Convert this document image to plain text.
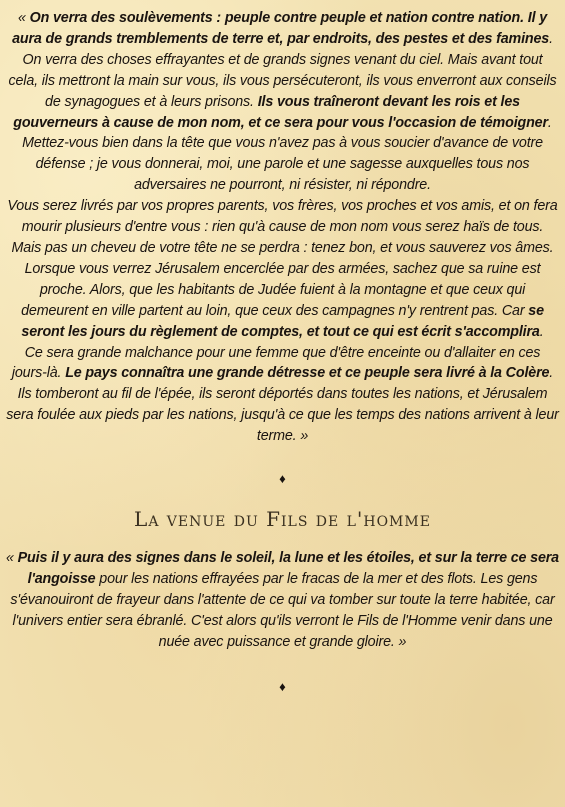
« On verra des soulèvements : peuple contre peuple et nation contre nation. Il y aura de grands tremblements de terre et, par endroits, des pestes et des famines. On verra des choses effrayantes et de grands signes venant du ciel. Mais avant tout cela, ils mettront la main sur vous, ils vous persécuteront, ils vous enverront aux conseils de synagogues et à leurs prisons. Ils vous traîneront devant les rois et les gouverneurs à cause de mon nom, et ce sera pour vous l'occasion de témoigner.

Mettez-vous bien dans la tête que vous n'avez pas à vous soucier d'avance de votre défense ; je vous donnerai, moi, une parole et une sagesse auxquelles tous nos adversaires ne pourront, ni résister, ni répondre.

Vous serez livrés par vos propres parents, vos frères, vos proches et vos amis, et on fera mourir plusieurs d'entre vous : rien qu'à cause de mon nom vous serez haïs de tous. Mais pas un cheveu de votre tête ne se perdra : tenez bon, et vous sauverez vos âmes.

Lorsque vous verrez Jérusalem encerclée par des armées, sachez que sa ruine est proche. Alors, que les habitants de Judée fuient à la montagne et que ceux qui demeurent en ville partent au loin, que ceux des campagnes n'y rentrent pas. Car se seront les jours du règlement de comptes, et tout ce qui est écrit s'accomplira.

Ce sera grande malchance pour une femme que d'être enceinte ou d'allaiter en ces jours-là. Le pays connaîtra une grande détresse et ce peuple sera livré à la Colère. Ils tomberont au fil de l'épée, ils seront déportés dans toutes les nations, et Jérusalem sera foulée aux pieds par les nations, jusqu'à ce que les temps des nations arrivent à leur terme. »

♦
La venue du Fils de l'homme

« Puis il y aura des signes dans le soleil, la lune et les étoiles, et sur la terre ce sera l'angoisse pour les nations effrayées par le fracas de la mer et des flots. Les gens s'évanouiront de frayeur dans l'attente de ce qui va tomber sur toute la terre habitée, car l'univers entier sera ébranlé. C'est alors qu'ils verront le Fils de l'Homme venir dans une nuée avec puissance et grande gloire. »

♦
